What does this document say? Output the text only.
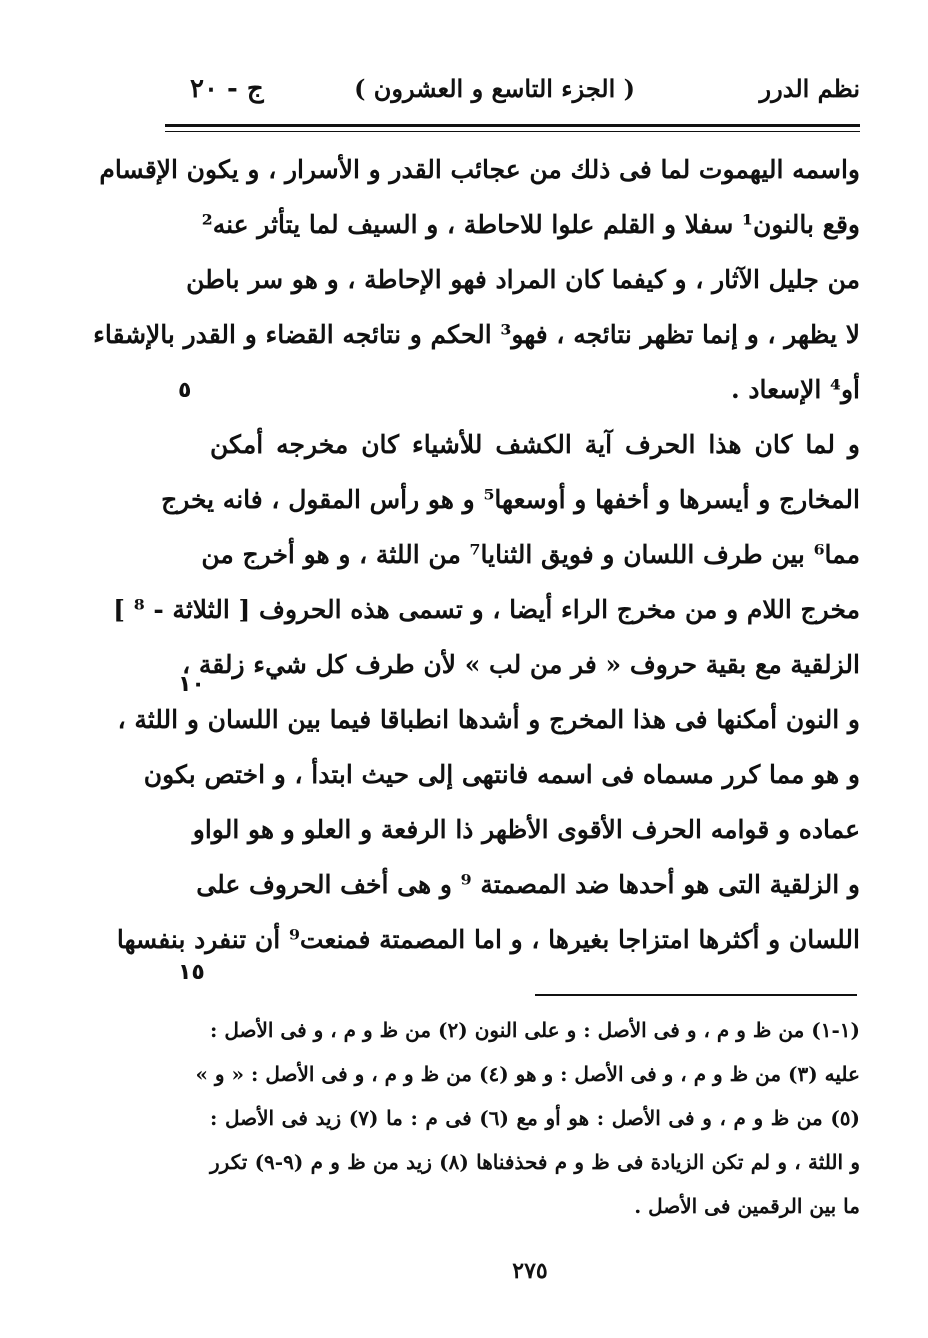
نظم الدرر
( الجزء التاسع و العشرون )
ج - ٢٠
واسمه اليهموت لما فى ذلك من عجائب القدر و الأسرار ، و يكون الإقسام
وقع بالنون¹ سفلا و القلم علوا للاحاطة ، و السيف لما يتأثر عنه²
من جليل الآثار ، و كيفما كان المراد فهو الإحاطة ، و هو سر باطن
لا يظهر ، و إنما تظهر نتائجه ، فهو³ الحكم و نتائجه القضاء و القدر بالإشقاء
أو⁴ الإسعاد .
و لما كان هذا الحرف آية الكشف للأشياء كان مخرجه أمكن
المخارج و أيسرها و أخفها و أوسعها⁵ و هو رأس المقول ، فانه يخرج
مما⁶ بين طرف اللسان و فويق الثنايا⁷ من اللثة ، و هو أخرج من
مخرج اللام و من مخرج الراء أيضا ، و تسمى هذه الحروف [ الثلاثة - ⁸ ]
الزلقية مع بقية حروف « فر من لب » لأن طرف كل شيء زلقة ،
و النون أمكنها فى هذا المخرج و أشدها انطباقا فيما بين اللسان و اللثة ،
و هو مما كرر مسماه فى اسمه فانتهى إلى حيث ابتدأ ، و اختص بكون
عماده و قوامه الحرف الأقوى الأظهر ذا الرفعة و العلو و هو الواو
و الزلقية التى هو أحدها ضد المصمتة ⁹ و هى أخف الحروف على
اللسان و أكثرها امتزاجا بغيرها ، و اما المصمتة فمنعت⁹ أن تنفرد بنفسها
٥
١٠
١٥
(١-١) من ظ و م ، و فى الأصل : و على النون (٢) من ظ و م ، و فى الأصل :
عليه (٣) من ظ و م ، و فى الأصل : و هو (٤) من ظ و م ، و فى الأصل : « و »
(٥) من ظ و م ، و فى الأصل : هو أو مع (٦) فى م : ما (٧) زيد فى الأصل :
و اللثة ، و لم تكن الزيادة فى ظ و م فحذفناها (٨) زيد من ظ و م (٩-٩) تكرر
ما بين الرقمين فى الأصل .
٢٧٥
